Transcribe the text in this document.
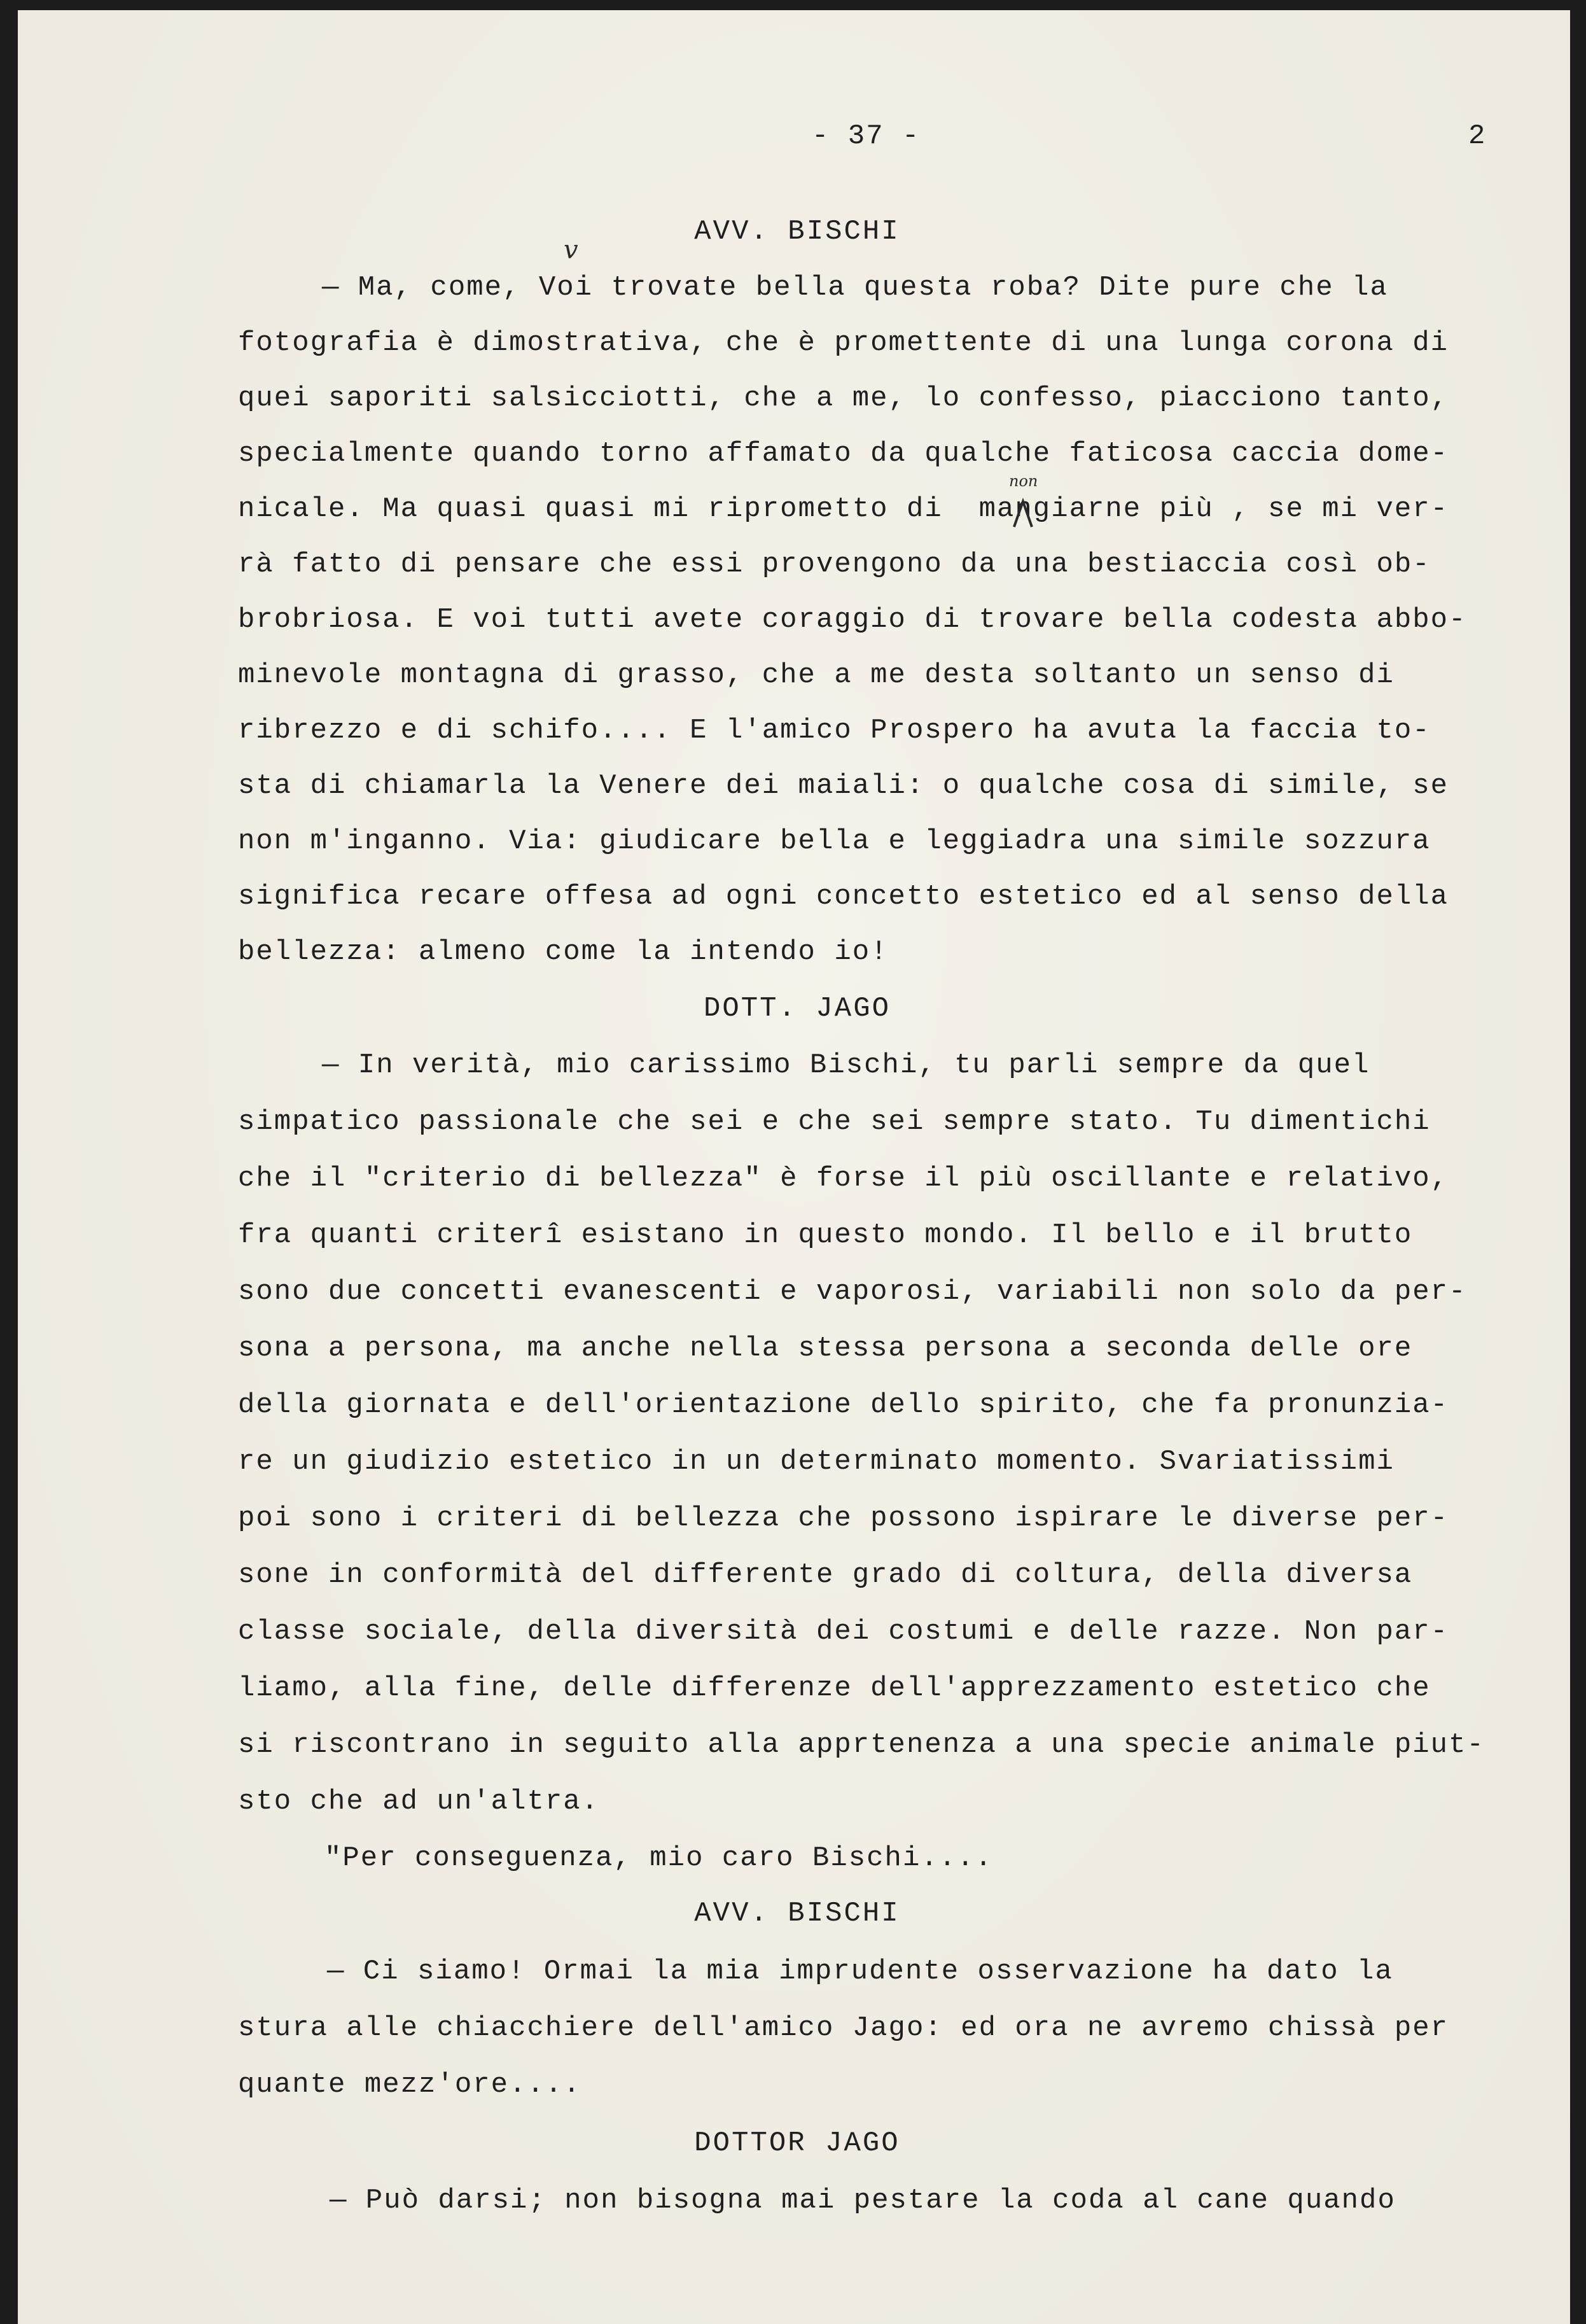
- 37 -	2
AVV. BISCHI
— Ma, come, Voi trovate bella questa roba? Dite pure che la
fotografia è dimostrativa, che è promettente di una lunga corona di
quei saporiti salsicciotti, che a me, lo confesso, piacciono tanto,
specialmente quando torno affamato da qualche faticosa caccia dome-
nicale. Ma quasi quasi mi riprometto di  mangiarne più , se mi ver-
rà fatto di pensare che essi provengono da una bestiaccia così ob-
brobriosa. E voi tutti avete coraggio di trovare bella codesta abbo-
minevole montagna di grasso, che a me desta soltanto un senso di
ribrezzo e di schifo.... E l'amico Prospero ha avuta la faccia to-
sta di chiamarla la Venere dei maiali: o qualche cosa di simile, se
non m'inganno. Via: giudicare bella e leggiadra una simile sozzura
significa recare offesa ad ogni concetto estetico ed al senso della
bellezza: almeno come la intendo io!
v
non
DOTT. JAGO
— In verità, mio carissimo Bischi, tu parli sempre da quel
simpatico passionale che sei e che sei sempre stato. Tu dimentichi
che il "criterio di bellezza" è forse il più oscillante e relativo,
fra quanti criterî esistano in questo mondo. Il bello e il brutto
sono due concetti evanescenti e vaporosi, variabili non solo da per-
sona a persona, ma anche nella stessa persona a seconda delle ore
della giornata e dell'orientazione dello spirito, che fa pronunzia-
re un giudizio estetico in un determinato momento. Svariatissimi
poi sono i criteri di bellezza che possono ispirare le diverse per-
sone in conformità del differente grado di coltura, della diversa
classe sociale, della diversità dei costumi e delle razze. Non par-
liamo, alla fine, delle differenze dell'apprezzamento estetico che
si riscontrano in seguito alla apprtenenza a una specie animale piut-
sto che ad un'altra.
"Per conseguenza, mio caro Bischi....
AVV. BISCHI
— Ci siamo! Ormai la mia imprudente osservazione ha dato la
stura alle chiacchiere dell'amico Jago: ed ora ne avremo chissà per
quante mezz'ore....
DOTTOR JAGO
— Può darsi; non bisogna mai pestare la coda al cane quando
